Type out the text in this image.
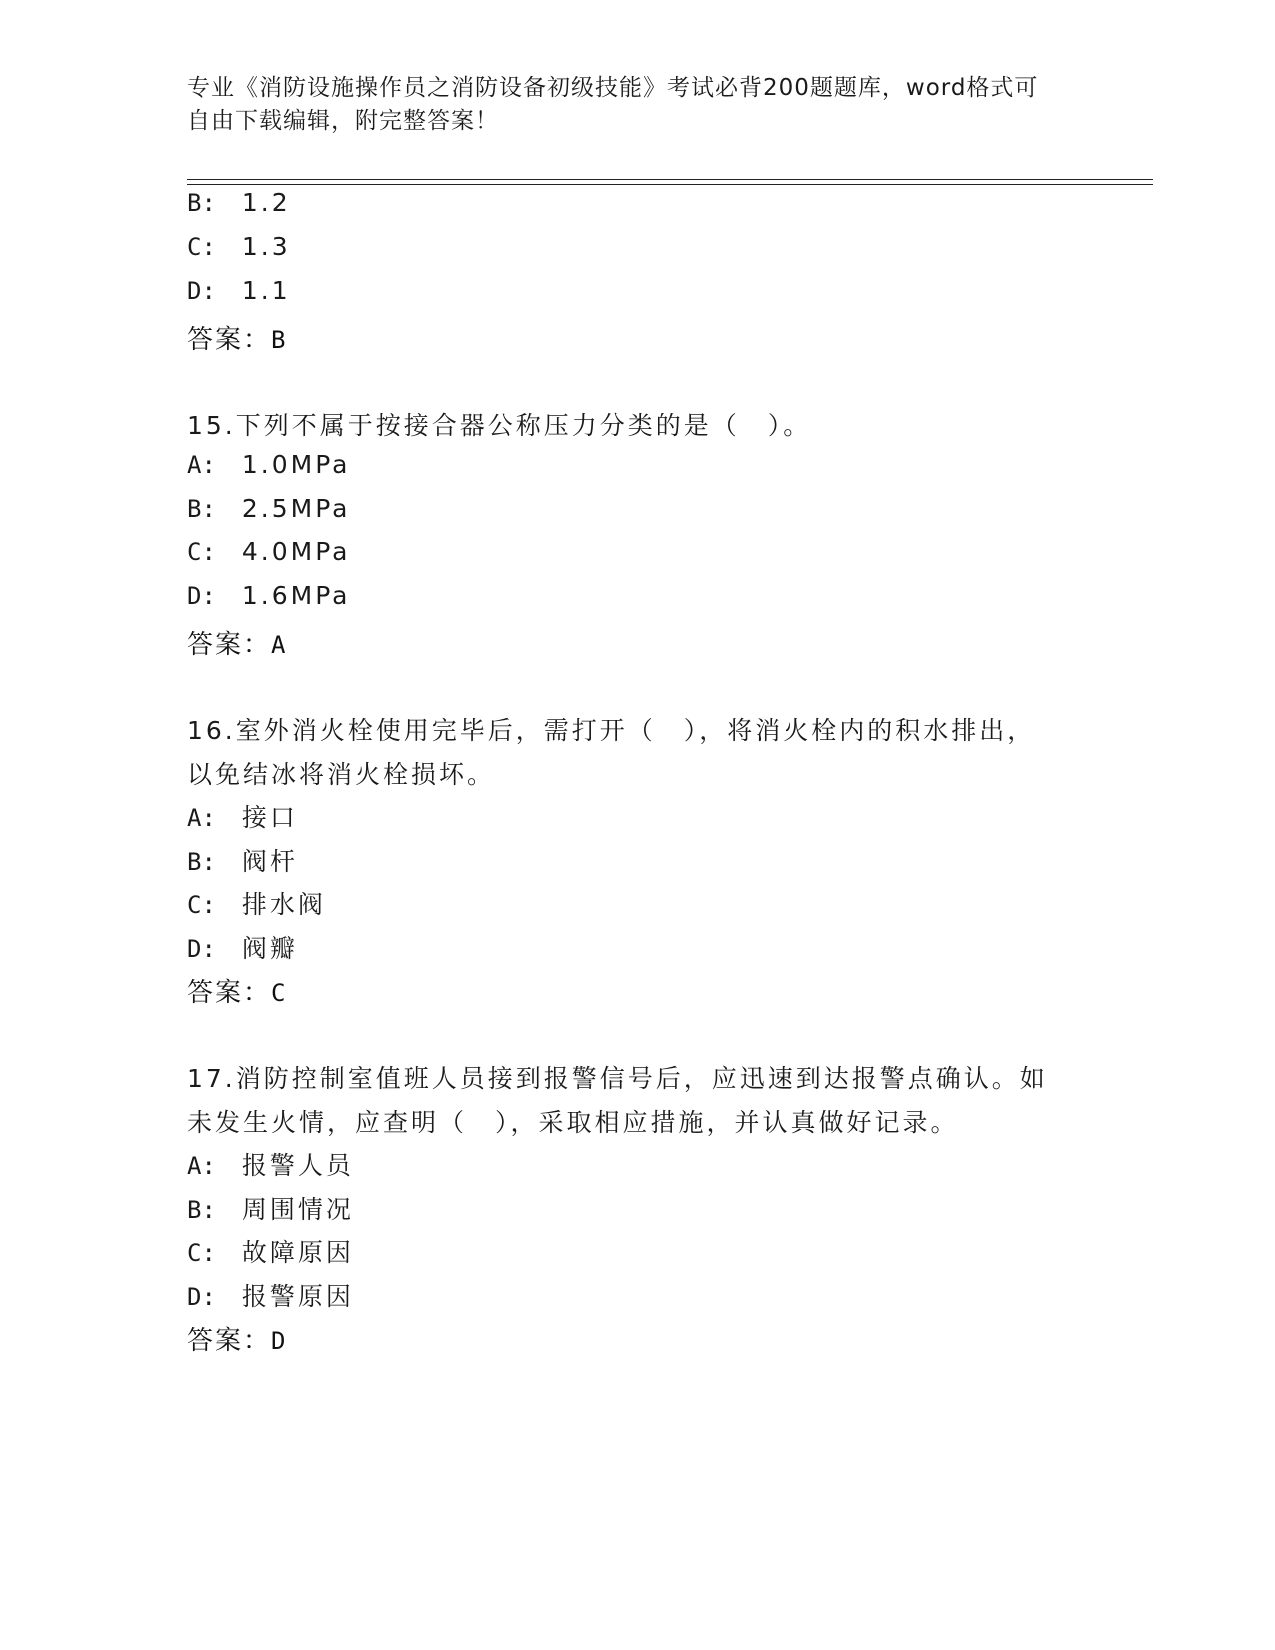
专业《消防设施操作员之消防设备初级技能》考试必背200题题库，word格式可
自由下载编辑，附完整答案！
B: 1.2
C: 1.3
D: 1.1
答案：B
15.下列不属于按接合器公称压力分类的是（　）。
A: 1.0MPa
B: 2.5MPa
C: 4.0MPa
D: 1.6MPa
答案：A
16.室外消火栓使用完毕后，需打开（　），将消火栓内的积水排出，
以免结冰将消火栓损坏。
A: 接口
B: 阀杆
C: 排水阀
D: 阀瓣
答案：C
17.消防控制室值班人员接到报警信号后，应迅速到达报警点确认。如
未发生火情，应查明（　），采取相应措施，并认真做好记录。
A: 报警人员
B: 周围情况
C: 故障原因
D: 报警原因
答案：D
